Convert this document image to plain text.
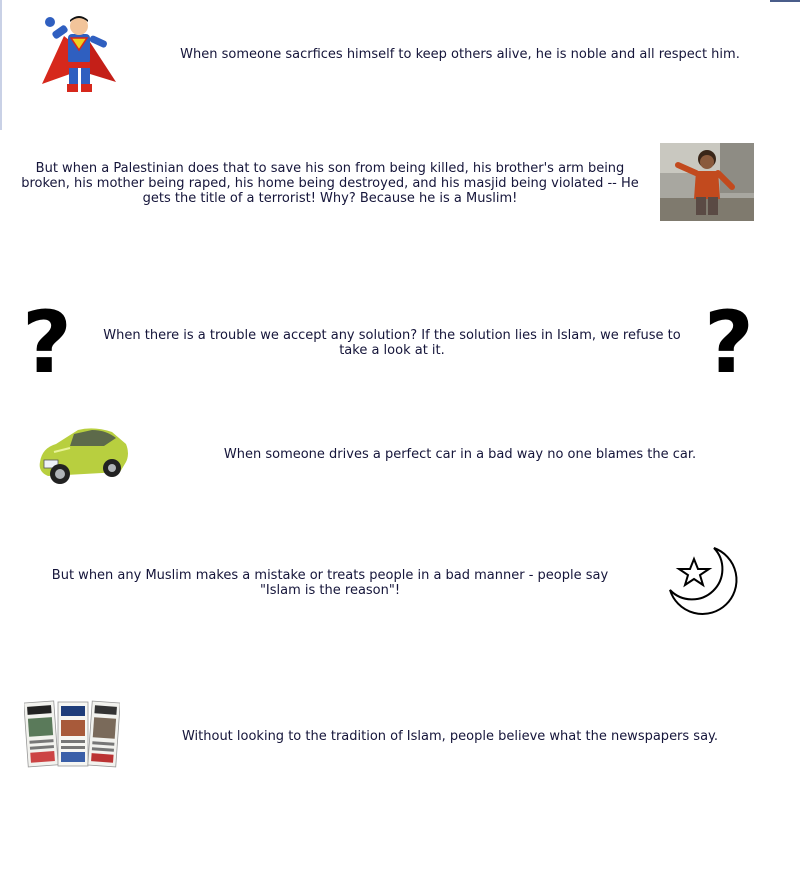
When someone sacrfices himself to keep others alive, he is noble and all respect him.
But when a Palestinian does that to save his son from being killed, his brother's arm being broken, his mother being raped, his home being destroyed, and his masjid being violated -- He gets the title of a terrorist! Why? Because he is a Muslim!
?	When there is a trouble we accept any solution? If the solution lies in Islam, we refuse to take a look at it.	?
When someone drives a perfect car in a bad way no one blames the car.
But when any Muslim makes a mistake or treats people in a bad manner - people say "Islam is the reason"!
Without looking to the tradition of Islam, people believe what the newspapers say.
